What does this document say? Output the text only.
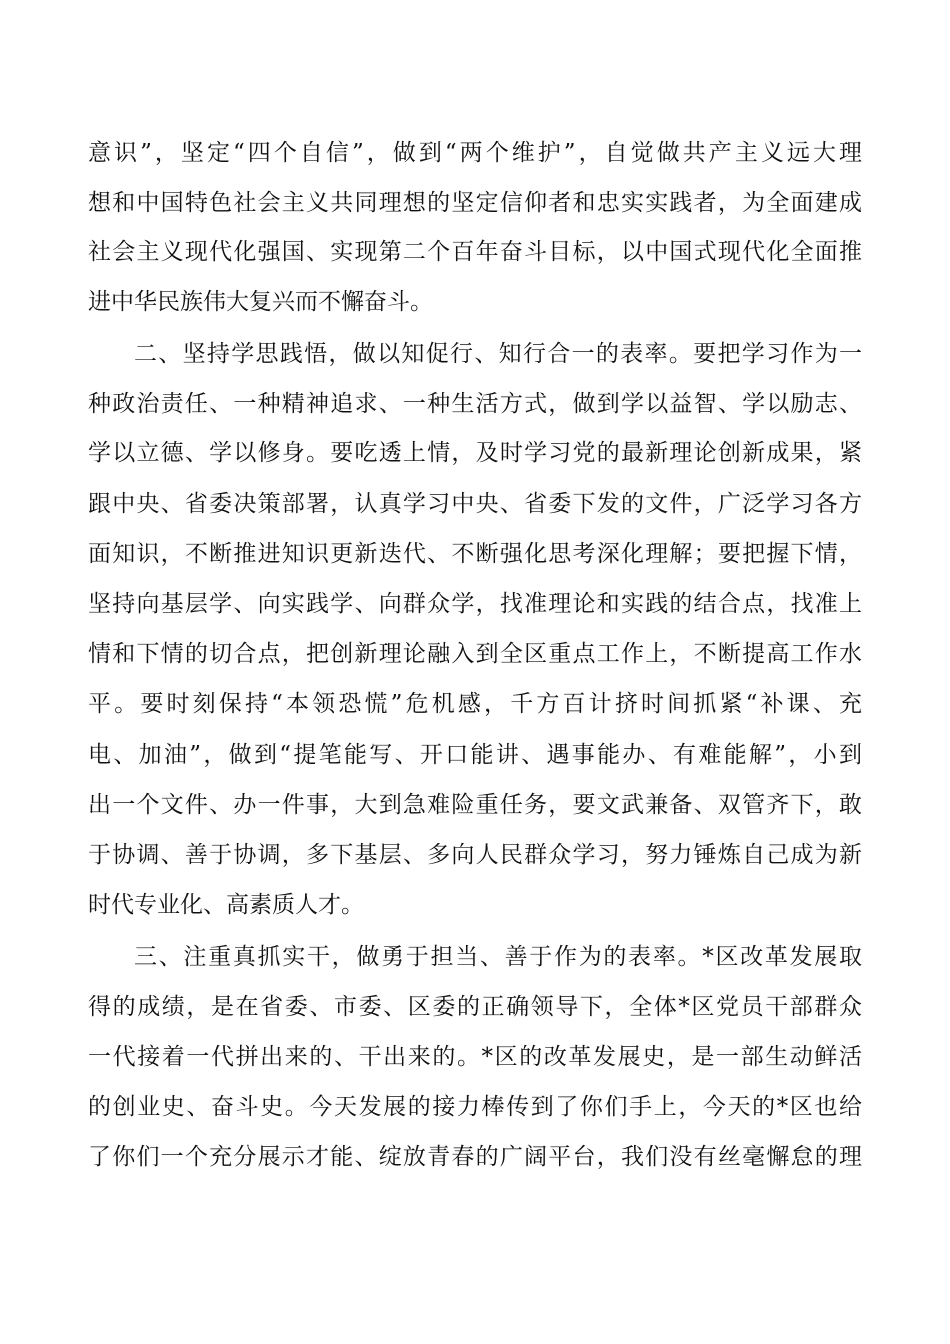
意识”，坚定“四个自信”，做到“两个维护”，自觉做共产主义远大理
想和中国特色社会主义共同理想的坚定信仰者和忠实实践者，为全面建成
社会主义现代化强国、实现第二个百年奋斗目标，以中国式现代化全面推
进中华民族伟大复兴而不懈奋斗。
二、坚持学思践悟，做以知促行、知行合一的表率。要把学习作为一
种政治责任、一种精神追求、一种生活方式，做到学以益智、学以励志、
学以立德、学以修身。要吃透上情，及时学习党的最新理论创新成果，紧
跟中央、省委决策部署，认真学习中央、省委下发的文件，广泛学习各方
面知识，不断推进知识更新迭代、不断强化思考深化理解；要把握下情，
坚持向基层学、向实践学、向群众学，找准理论和实践的结合点，找准上
情和下情的切合点，把创新理论融入到全区重点工作上，不断提高工作水
平。要时刻保持“本领恐慌”危机感，千方百计挤时间抓紧“补课、充
电、加油”，做到“提笔能写、开口能讲、遇事能办、有难能解”，小到
出一个文件、办一件事，大到急难险重任务，要文武兼备、双管齐下，敢
于协调、善于协调，多下基层、多向人民群众学习，努力锤炼自己成为新
时代专业化、高素质人才。
三、注重真抓实干，做勇于担当、善于作为的表率。*区改革发展取
得的成绩，是在省委、市委、区委的正确领导下，全体*区党员干部群众
一代接着一代拼出来的、干出来的。*区的改革发展史，是一部生动鲜活
的创业史、奋斗史。今天发展的接力棒传到了你们手上，今天的*区也给
了你们一个充分展示才能、绽放青春的广阔平台，我们没有丝毫懈怠的理
